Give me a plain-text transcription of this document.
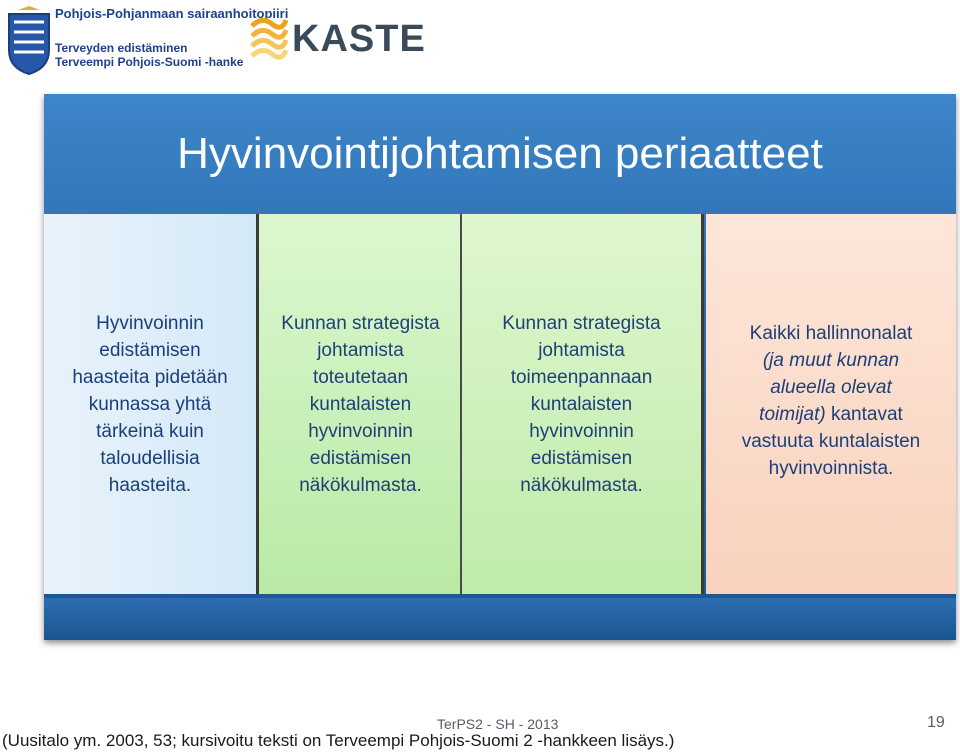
Pohjois-Pohjanmaan sairaanhoitopiiri
Terveyden edistäminen
Terveempi Pohjois-Suomi -hanke
KASTE
Hyvinvointijohtamisen periaatteet
Hyvinvoinnin
edistämisen
haasteita pidetään
kunnassa yhtä
tärkeinä kuin
taloudellisia
haasteita.
Kunnan strategista
johtamista
toteutetaan
kuntalaisten
hyvinvoinnin
edistämisen
näkökulmasta.
Kunnan strategista
johtamista
toimeenpannaan
kuntalaisten
hyvinvoinnin
edistämisen
näkökulmasta.
Kaikki hallinnonalat
(ja muut kunnan
alueella olevat
toimijat) kantavat
vastuuta kuntalaisten
hyvinvoinnista.
TerPS2 - SH - 2013	19
(Uusitalo ym. 2003, 53; kursivoitu teksti on Terveempi Pohjois-Suomi 2 -hankkeen lisäys.)
